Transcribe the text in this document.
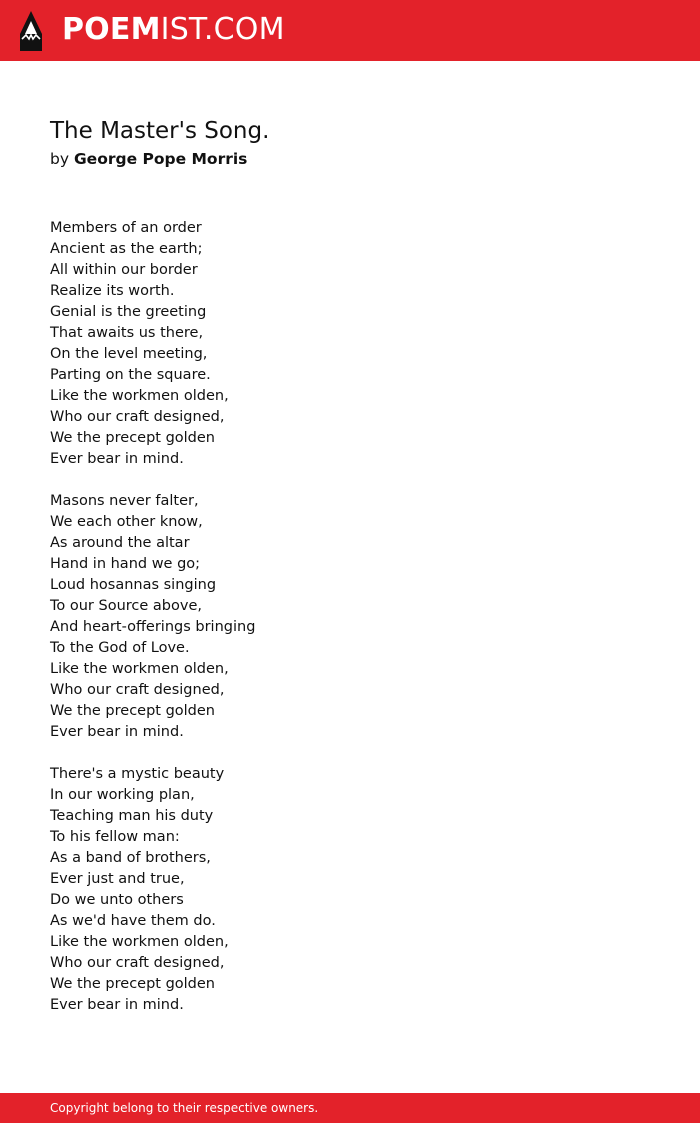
POEMIST.COM
The Master's Song.
by George Pope Morris
Members of an order
Ancient as the earth;
All within our border
Realize its worth.
Genial is the greeting
That awaits us there,
On the level meeting,
Parting on the square.
Like the workmen olden,
Who our craft designed,
We the precept golden
Ever bear in mind.
Masons never falter,
We each other know,
As around the altar
Hand in hand we go;
Loud hosannas singing
To our Source above,
And heart-offerings bringing
To the God of Love.
Like the workmen olden,
Who our craft designed,
We the precept golden
Ever bear in mind.
There's a mystic beauty
In our working plan,
Teaching man his duty
To his fellow man:
As a band of brothers,
Ever just and true,
Do we unto others
As we'd have them do.
Like the workmen olden,
Who our craft designed,
We the precept golden
Ever bear in mind.
Copyright belong to their respective owners.
